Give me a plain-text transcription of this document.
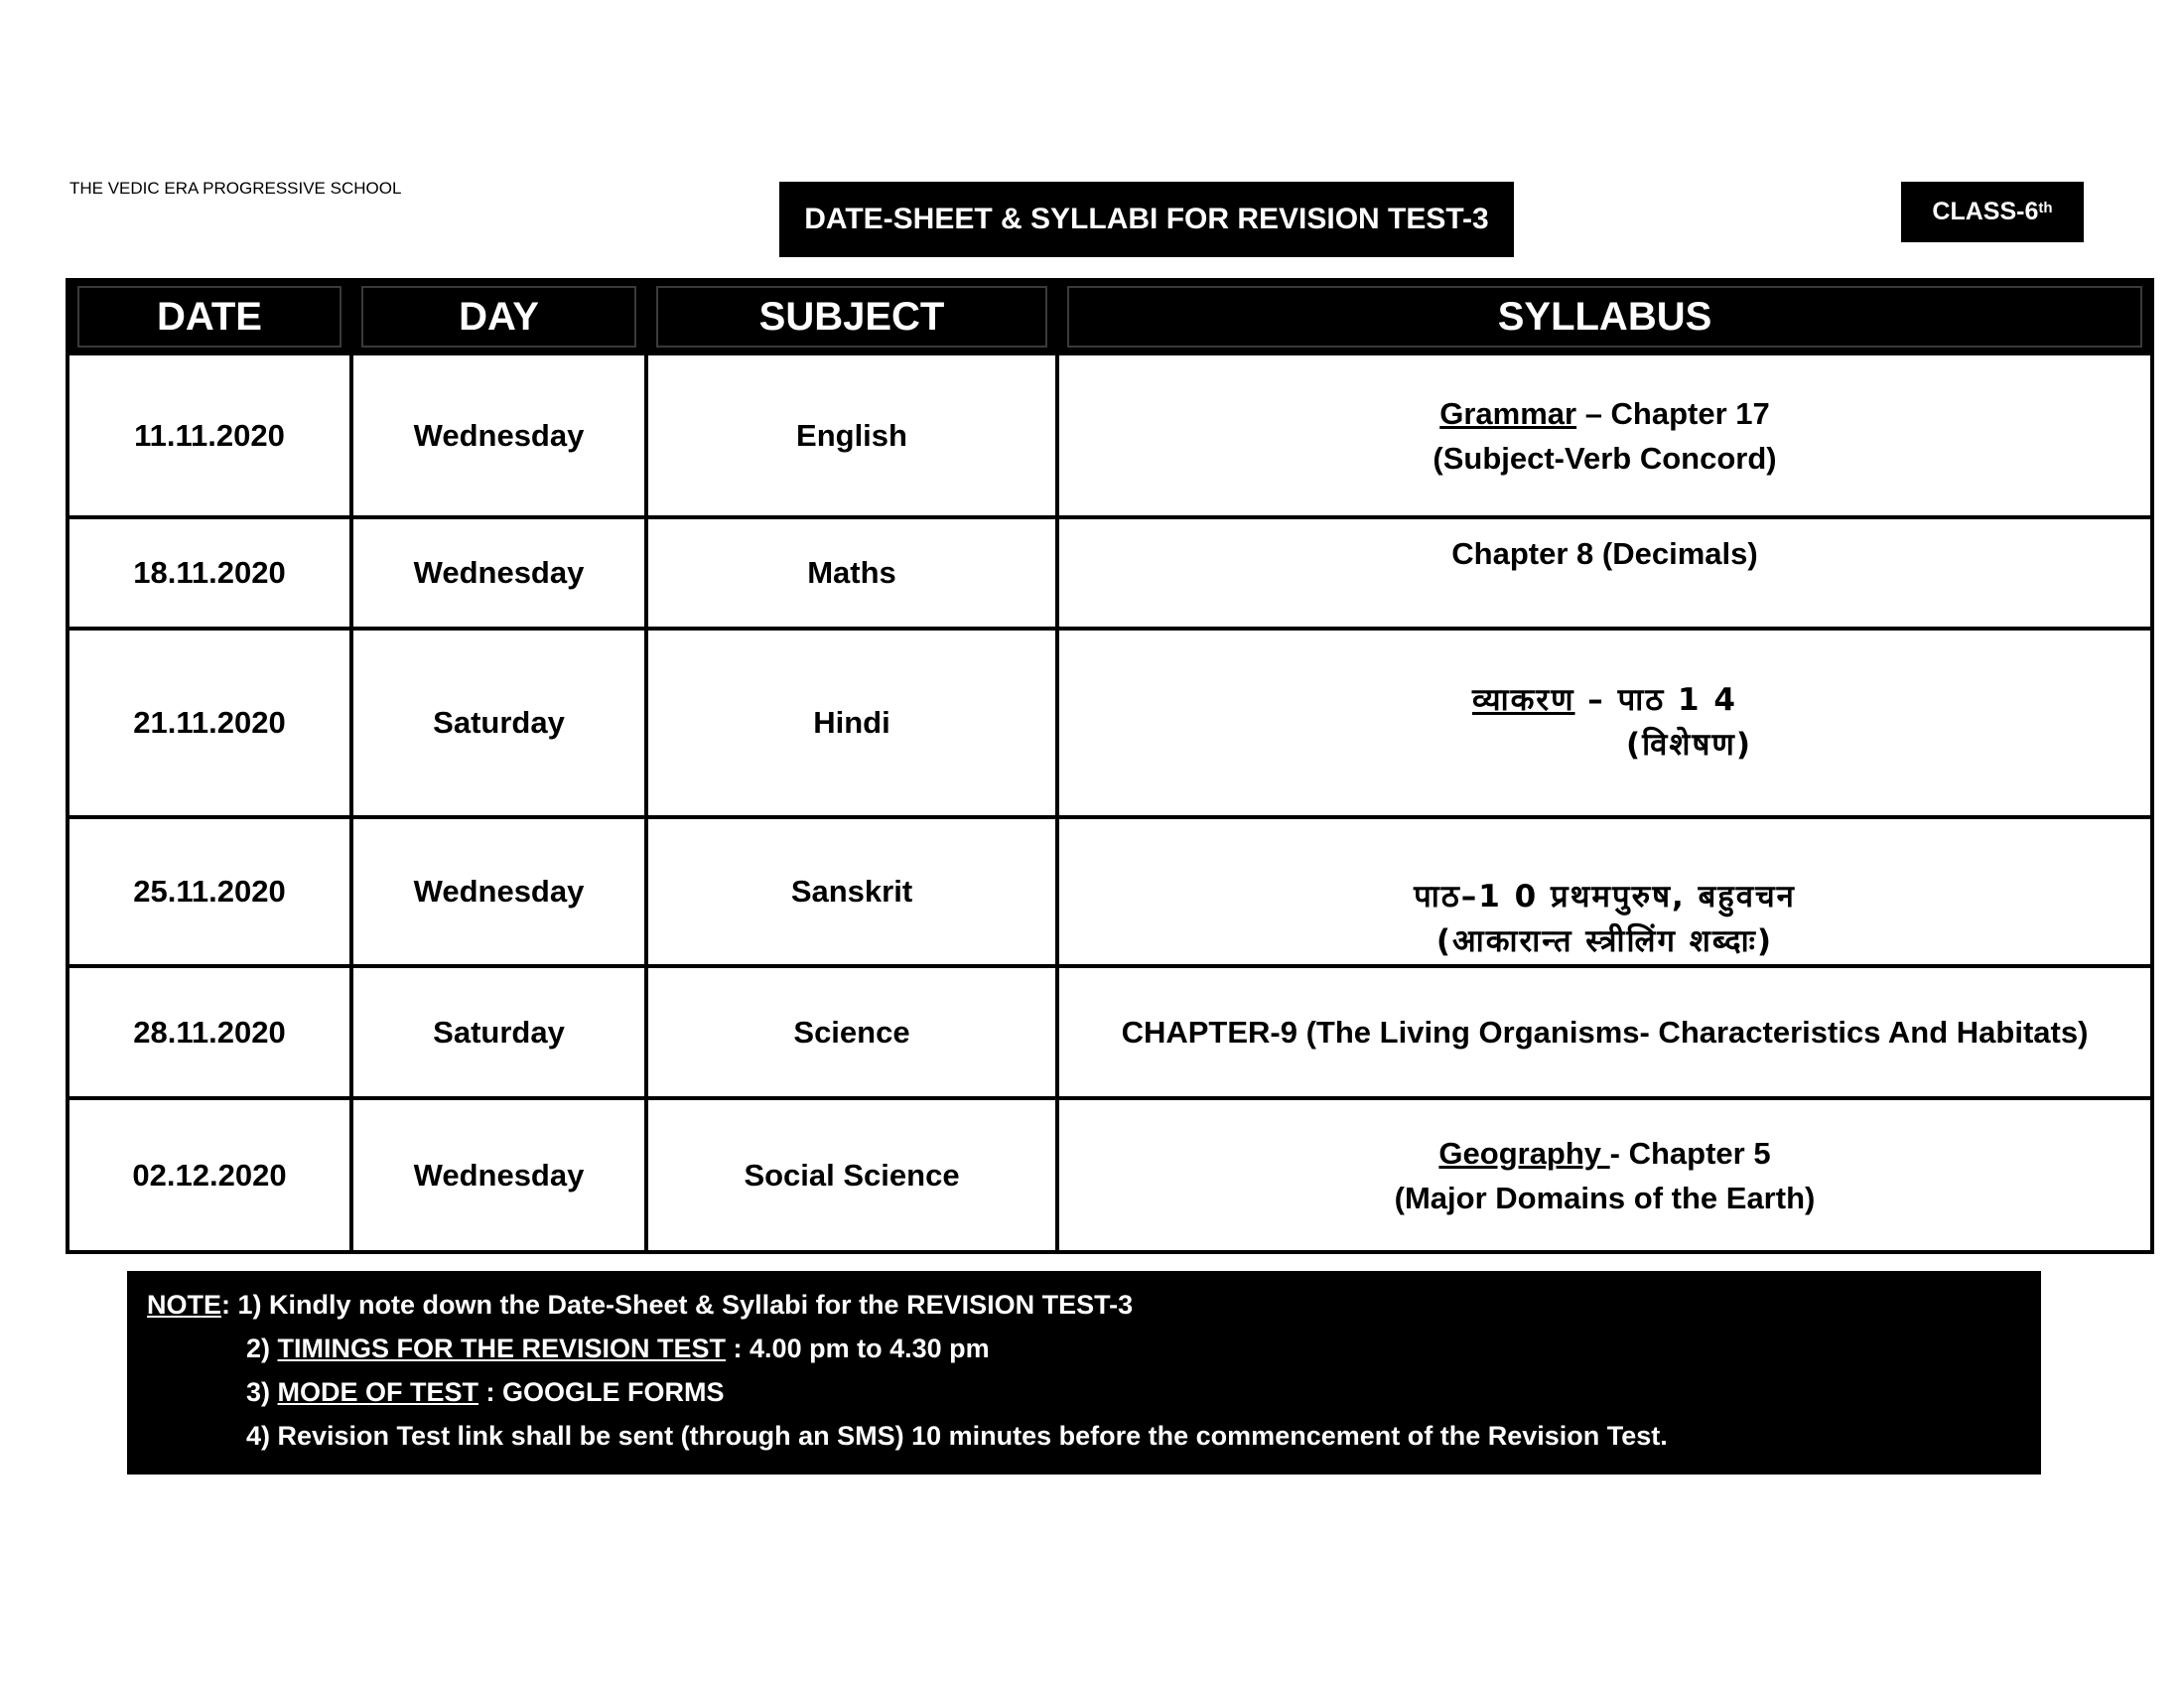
THE VEDIC ERA PROGRESSIVE SCHOOL
DATE-SHEET & SYLLABI FOR REVISION TEST-3	CLASS-6th
DATE	DAY	SUBJECT	SYLLABUS

11.11.2020	Wednesday	English	Grammar – Chapter 17
(Subject-Verb Concord)

18.11.2020	Wednesday	Maths	Chapter 8 (Decimals)

21.11.2020	Saturday	Hindi	व्याकरण – पाठ 1 4
(विशेषण)

25.11.2020	Wednesday	Sanskrit	पाठ–1 0 प्रथमपुरुष, बहुवचन
(आकारान्त स्त्रीलिंग शब्दाः)

28.11.2020	Saturday	Science	CHAPTER-9 (The Living Organisms- Characteristics And Habitats)

02.12.2020	Wednesday	Social Science	Geography - Chapter 5
(Major Domains of the Earth)
NOTE: 1) Kindly note down the Date-Sheet & Syllabi for the REVISION TEST-3
2) TIMINGS FOR THE REVISION TEST : 4.00 pm to 4.30 pm
3) MODE OF TEST : GOOGLE FORMS
4) Revision Test link shall be sent (through an SMS) 10 minutes before the commencement of the Revision Test.
